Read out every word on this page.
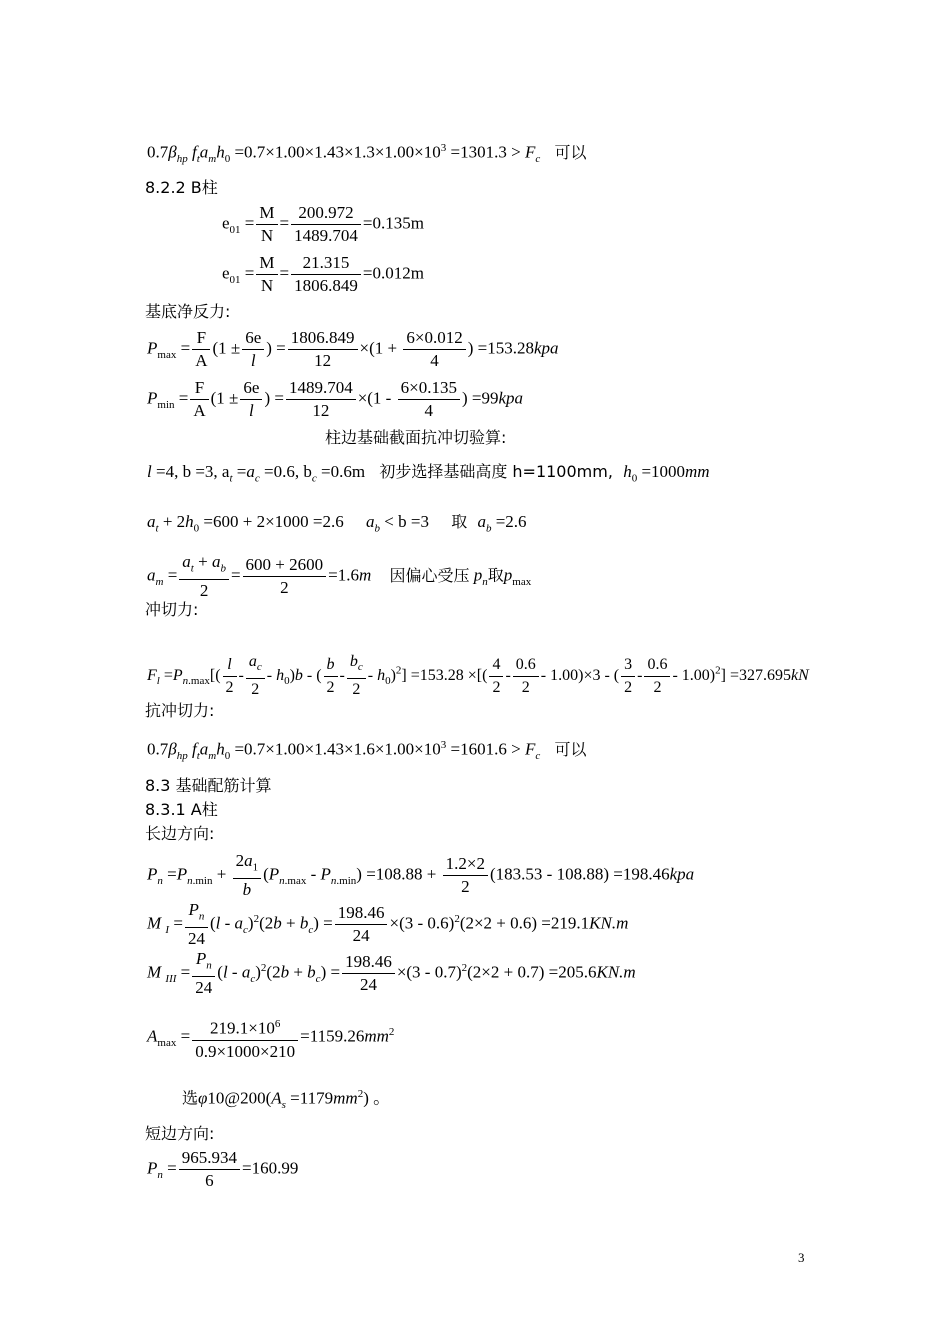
$0.7\beta_{hp}$ $f_ta_mh_0 =0.7\times 1.00\times 1.43\times 1.3\times 1.00\times 10^3 =1301.3 > F_c$ 可以
8.2.2 B柱
$e_{01} = \frac{M}{N} = \frac{200.972}{1489.704} =0.135m$
$e_{01} = \frac{M}{N} = \frac{21.315}{1806.849} =0.012m$
基底净反力:
$P_{max} = \frac{F}{A} (1 \pm \frac{6e}{l}$ ) = $\frac{1806.849}{12} \times(1 + \frac{6\times 0.012}{4}$ ) =153.28kpa
$P_{min} = \frac{F}{A} (1 \pm \frac{6e}{l}$ ) = $\frac{1489.704}{12} \times(1 - \frac{6\times 0.135}{4}$ ) =99kpa
柱边基础截面抗冲切验算:
l =4, b =3, $a_t =a_c =0.6$, $b_c =0.6m$ 初步选择基础高度 h=1100mm, $h_0 =1000mm$
$a_t + 2h_0 =600 + 2\times 1000 =2.6$ $a_b < b =3$ 取 $a_b =2.6$
$a_m = \frac{a_t + a_b}{2} = \frac{600 + 2600}{2} =1.6m$ 因偏心受压 $p_n$取$p_{max}$
冲切力:
$F_l =P_{n.max}[( \frac{l}{2} - \frac{a_c}{2} - h_0)b$ - ( $\frac{b}{2} - \frac{b_c}{2} - h_0)^2] =153.28$ ×[( $\frac{4}{2} - \frac{0.6}{2} - 1.00)\times 3$ - ( $\frac{3}{2} - \frac{0.6}{2} - 1.00)^2] =327.695kN$
抗冲切力:
$0.7\beta_{hp}$ $f_ta_mh_0 =0.7\times 1.00\times 1.43\times 1.6\times 1.00\times 10^3 =1601.6 > F_c$ 可以
8.3 基础配筋计算
8.3.1 A柱
长边方向:
$P_n =P_{n.min} + \frac{2a_1}{b} (P_{n.max} - P_{n.min}) =108.88 + \frac{1.2\times 2}{2} (183.53 - 108.88) =198.46kpa$
M $_I = \frac{P_n}{24} (l - a_c)^2(2b + b_c) = \frac{198.46}{24} \times(3 - 0.6)^2(2\times 2 + 0.6) =219.1KN.m$
M $_{III} = \frac{P_n}{24} (l - a_c)^2(2b + b_c) = \frac{198.46}{24} \times(3 - 0.7)^2(2\times 2 + 0.7) =205.6KN.m$
$A_{max} = \frac{219.1\times 10^6}{0.9\times 1000\times 210} =1159.26mm^2$
选$\varphi 10@200(A_s =1179mm^2)$ 。
短边方向:
$P_n = \frac{965.934}{6} =160.99$
3
